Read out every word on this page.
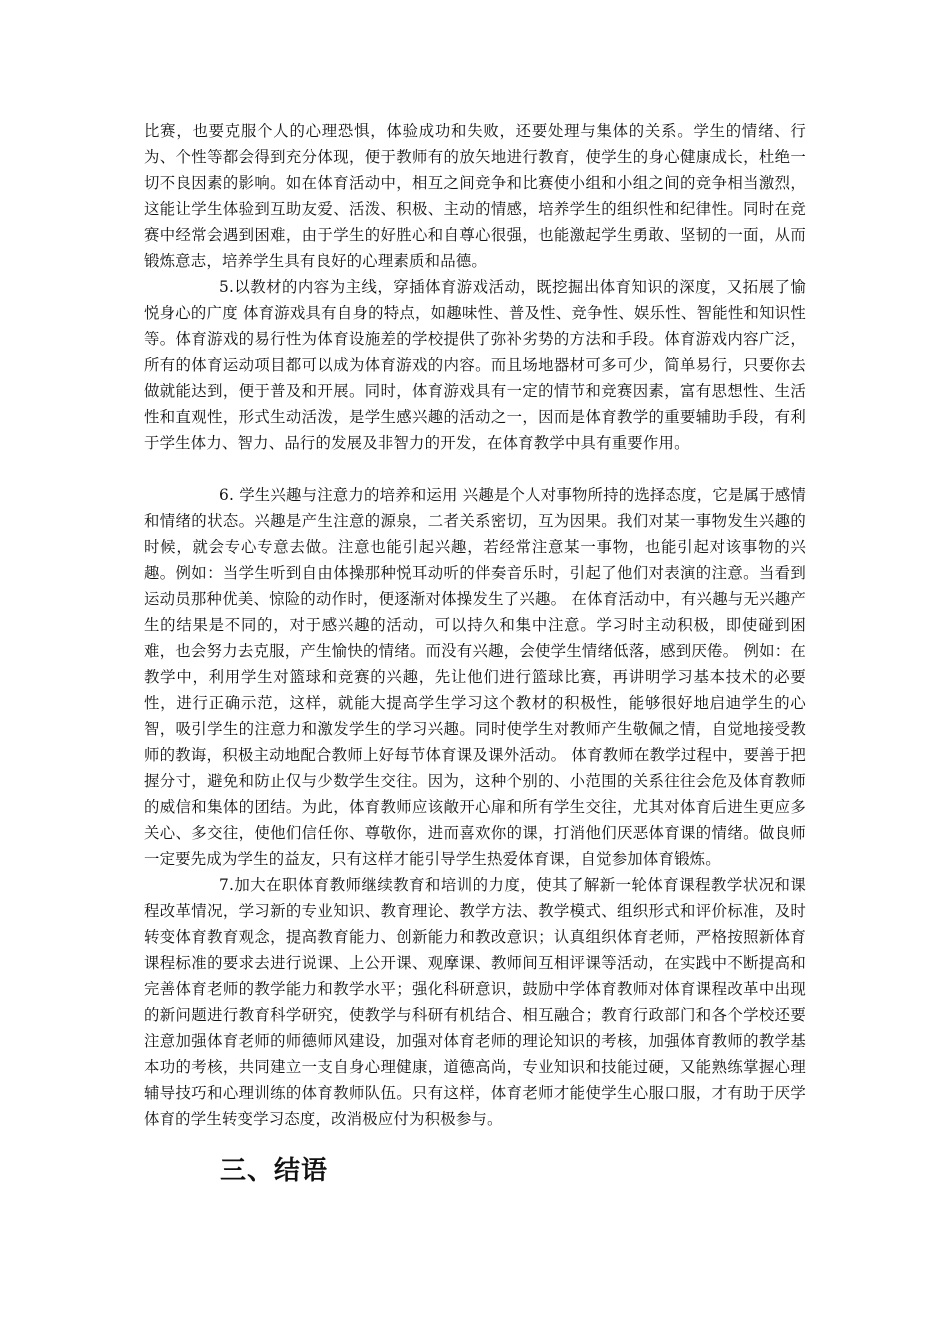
比赛，也要克服个人的心理恐惧，体验成功和失败，还要处理与集体的关系。学生的情绪、行为、个性等都会得到充分体现，便于教师有的放矢地进行教育，使学生的身心健康成长，杜绝一切不良因素的影响。如在体育活动中，相互之间竞争和比赛使小组和小组之间的竞争相当激烈，这能让学生体验到互助友爱、活泼、积极、主动的情感，培养学生的组织性和纪律性。同时在竞赛中经常会遇到困难，由于学生的好胜心和自尊心很强，也能激起学生勇敢、坚韧的一面，从而锻炼意志，培养学生具有良好的心理素质和品德。

5.以教材的内容为主线，穿插体育游戏活动，既挖掘出体育知识的深度，又拓展了愉悦身心的广度 体育游戏具有自身的特点，如趣味性、普及性、竞争性、娱乐性、智能性和知识性等。体育游戏的易行性为体育设施差的学校提供了弥补劣势的方法和手段。体育游戏内容广泛，所有的体育运动项目都可以成为体育游戏的内容。而且场地器材可多可少，简单易行，只要你去做就能达到，便于普及和开展。同时，体育游戏具有一定的情节和竞赛因素，富有思想性、生活性和直观性，形式生动活泼，是学生感兴趣的活动之一，因而是体育教学的重要辅助手段，有利于学生体力、智力、品行的发展及非智力的开发，在体育教学中具有重要作用。

6. 学生兴趣与注意力的培养和运用 兴趣是个人对事物所持的选择态度，它是属于感情和情绪的状态。兴趣是产生注意的源泉，二者关系密切，互为因果。我们对某一事物发生兴趣的时候，就会专心专意去做。注意也能引起兴趣，若经常注意某一事物，也能引起对该事物的兴趣。例如：当学生听到自由体操那种悦耳动听的伴奏音乐时，引起了他们对表演的注意。当看到运动员那种优美、惊险的动作时，便逐渐对体操发生了兴趣。 在体育活动中，有兴趣与无兴趣产生的结果是不同的，对于感兴趣的活动，可以持久和集中注意。学习时主动积极，即使碰到困难，也会努力去克服，产生愉快的情绪。而没有兴趣，会使学生情绪低落，感到厌倦。 例如：在教学中，利用学生对篮球和竞赛的兴趣，先让他们进行篮球比赛，再讲明学习基本技术的必要性，进行正确示范，这样，就能大提高学生学习这个教材的积极性，能够很好地启迪学生的心智，吸引学生的注意力和激发学生的学习兴趣。同时使学生对教师产生敬佩之情，自觉地接受教师的教诲，积极主动地配合教师上好每节体育课及课外活动。 体育教师在教学过程中，要善于把握分寸，避免和防止仅与少数学生交往。因为，这种个别的、小范围的关系往往会危及体育教师的威信和集体的团结。为此，体育教师应该敞开心扉和所有学生交往，尤其对体育后进生更应多关心、多交往，使他们信任你、尊敬你，进而喜欢你的课，打消他们厌恶体育课的情绪。做良师一定要先成为学生的益友，只有这样才能引导学生热爱体育课，自觉参加体育锻炼。

7.加大在职体育教师继续教育和培训的力度，使其了解新一轮体育课程教学状况和课程改革情况，学习新的专业知识、教育理论、教学方法、教学模式、组织形式和评价标准，及时转变体育教育观念，提高教育能力、创新能力和教改意识；认真组织体育老师，严格按照新体育课程标准的要求去进行说课、上公开课、观摩课、教师间互相评课等活动，在实践中不断提高和完善体育老师的教学能力和教学水平；强化科研意识，鼓励中学体育教师对体育课程改革中出现的新问题进行教育科学研究，使教学与科研有机结合、相互融合；教育行政部门和各个学校还要注意加强体育老师的师德师风建设，加强对体育老师的理论知识的考核，加强体育教师的教学基本功的考核，共同建立一支自身心理健康，道德高尚，专业知识和技能过硬，又能熟练掌握心理辅导技巧和心理训练的体育教师队伍。只有这样，体育老师才能使学生心服口服，才有助于厌学体育的学生转变学习态度，改消极应付为积极参与。

三、结语
